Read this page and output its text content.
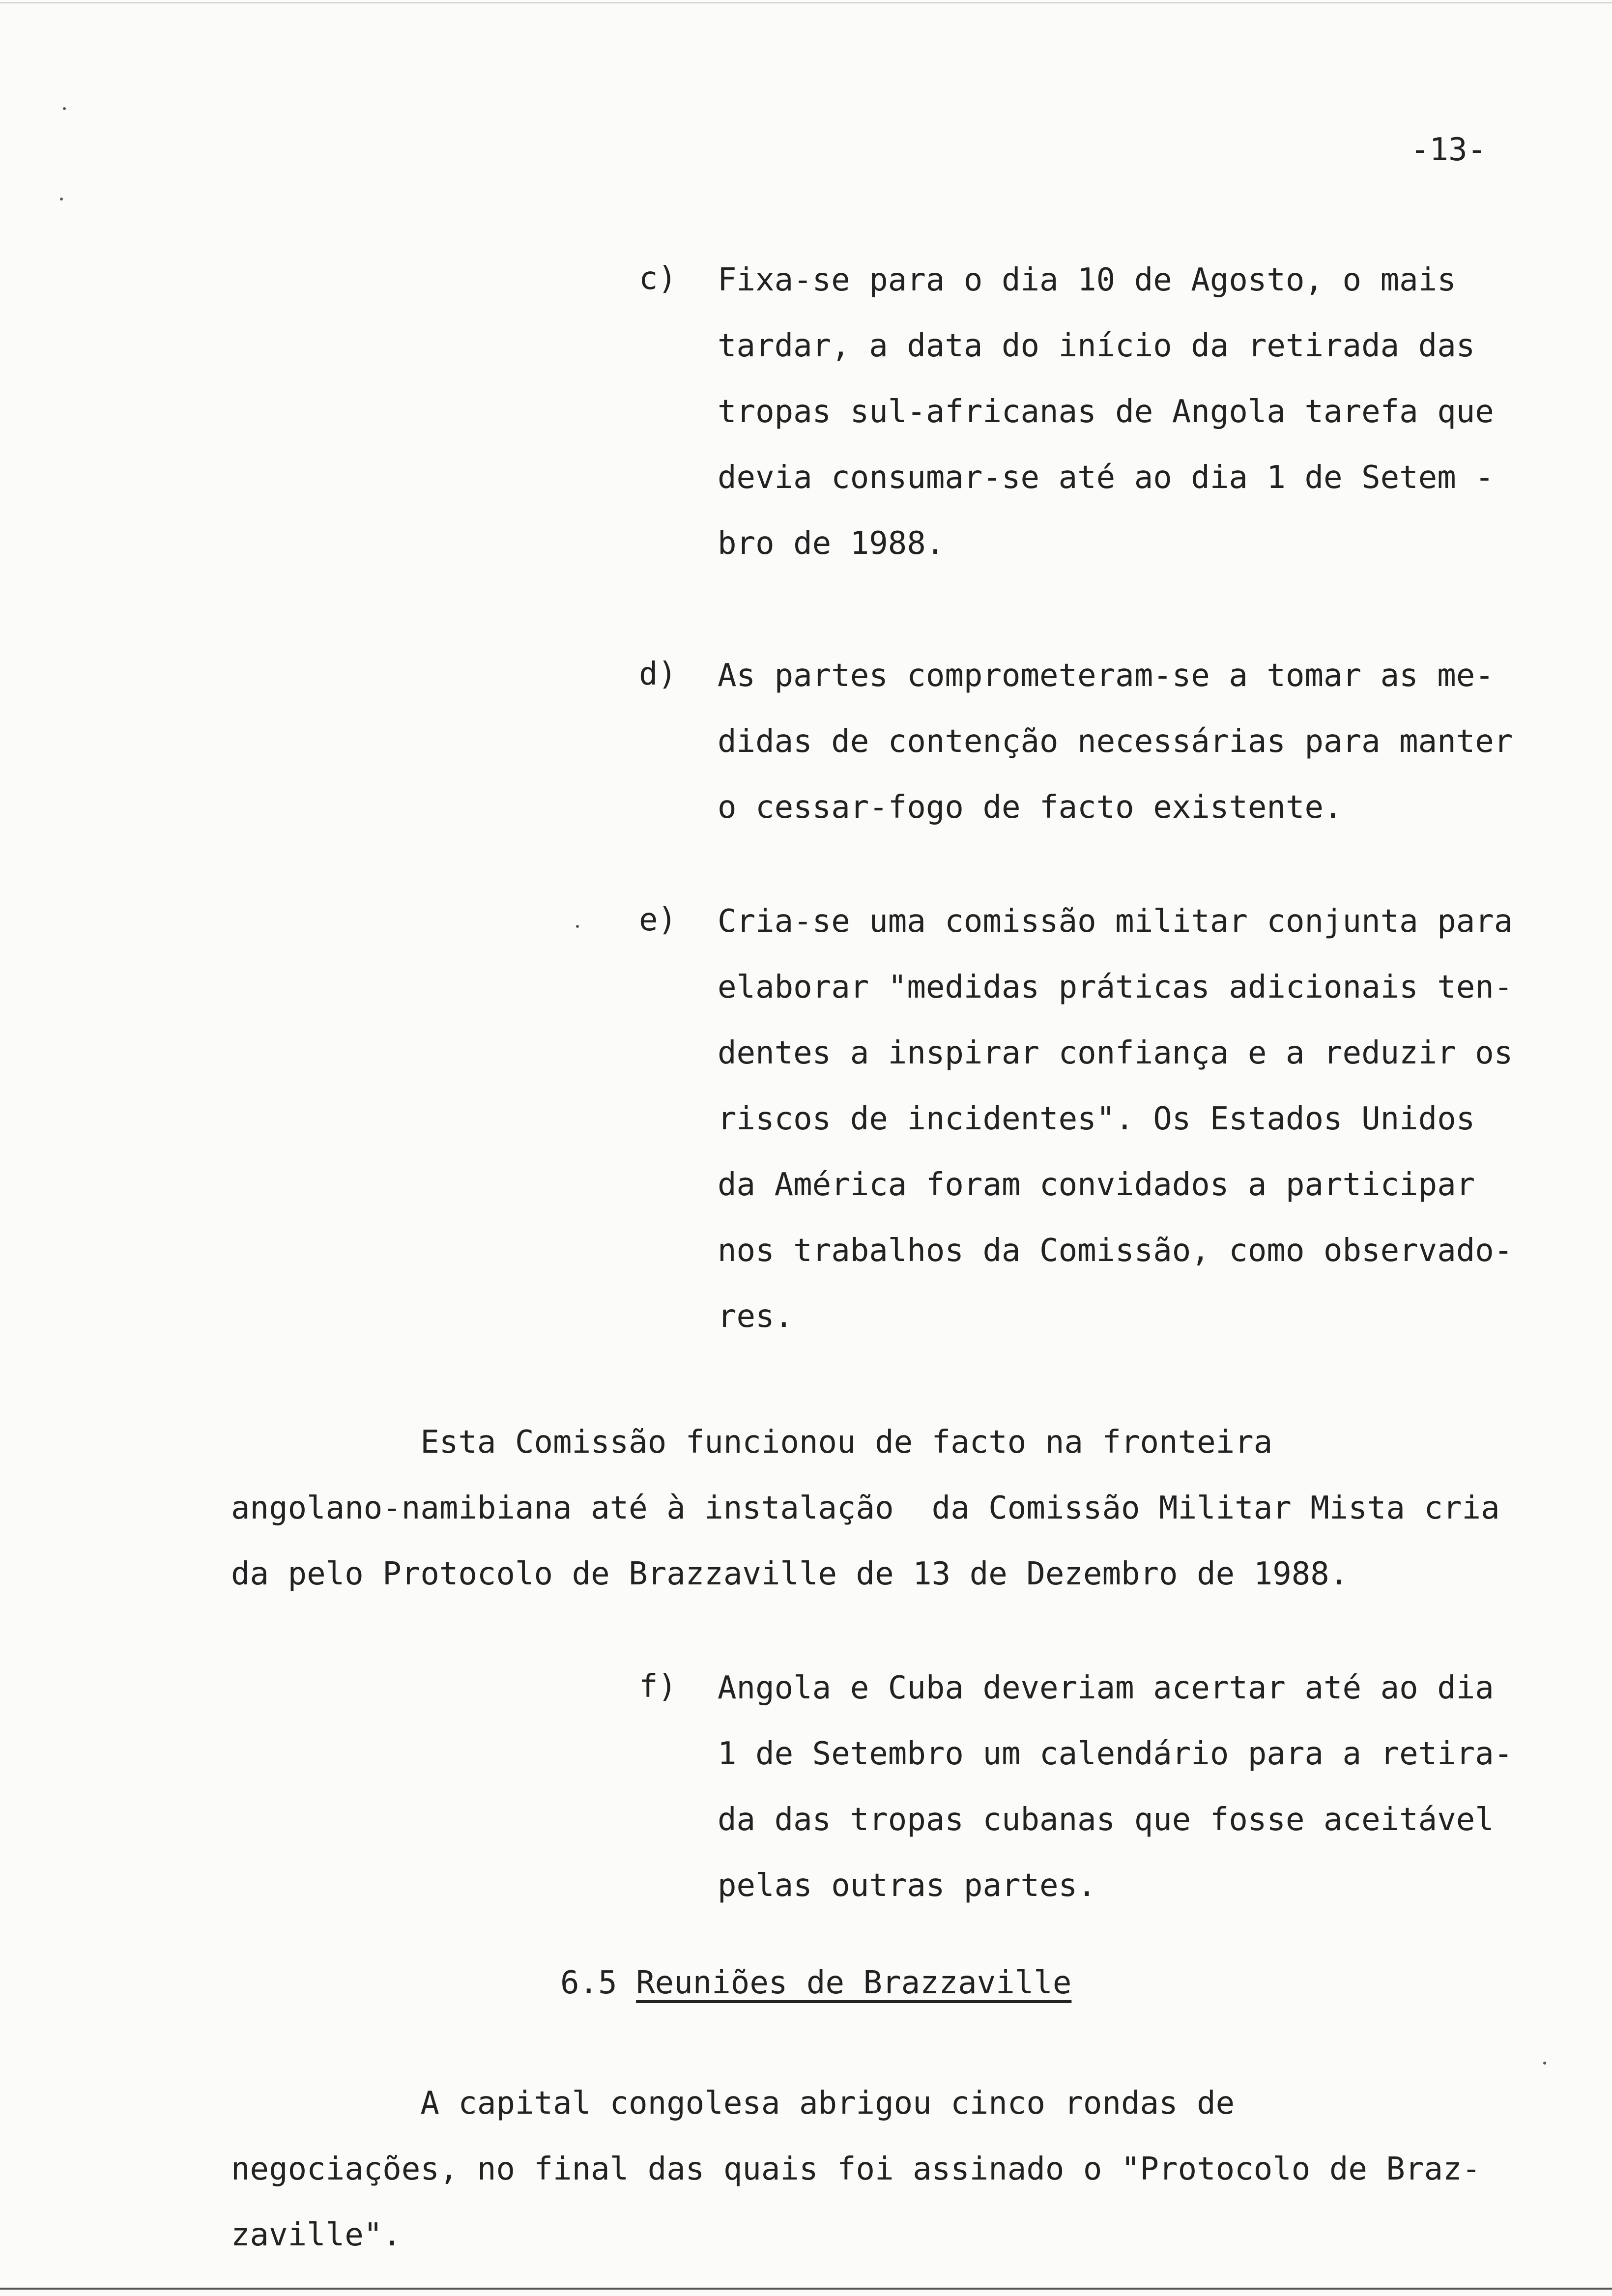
-13-
c) Fixa-se para o dia 10 de Agosto, o mais
tardar, a data do início da retirada das
tropas sul-africanas de Angola tarefa que
devia consumar-se até ao dia 1 de Setem -
bro de 1988.
d) As partes comprometeram-se a tomar as me-
didas de contenção necessárias para manter
o cessar-fogo de facto existente.
e) Cria-se uma comissão militar conjunta para
elaborar "medidas práticas adicionais ten-
dentes a inspirar confiança e a reduzir os
riscos de incidentes". Os Estados Unidos
da América foram convidados a participar
nos trabalhos da Comissão, como observado-
res.
Esta Comissão funcionou de facto na fronteira
angolano-namibiana até à instalação  da Comissão Militar Mista cria
da pelo Protocolo de Brazzaville de 13 de Dezembro de 1988.
f) Angola e Cuba deveriam acertar até ao dia
1 de Setembro um calendário para a retira-
da das tropas cubanas que fosse aceitável
pelas outras partes.
6.5 Reuniões de Brazzaville
A capital congolesa abrigou cinco rondas de
negociações, no final das quais foi assinado o "Protocolo de Braz-
zaville".
